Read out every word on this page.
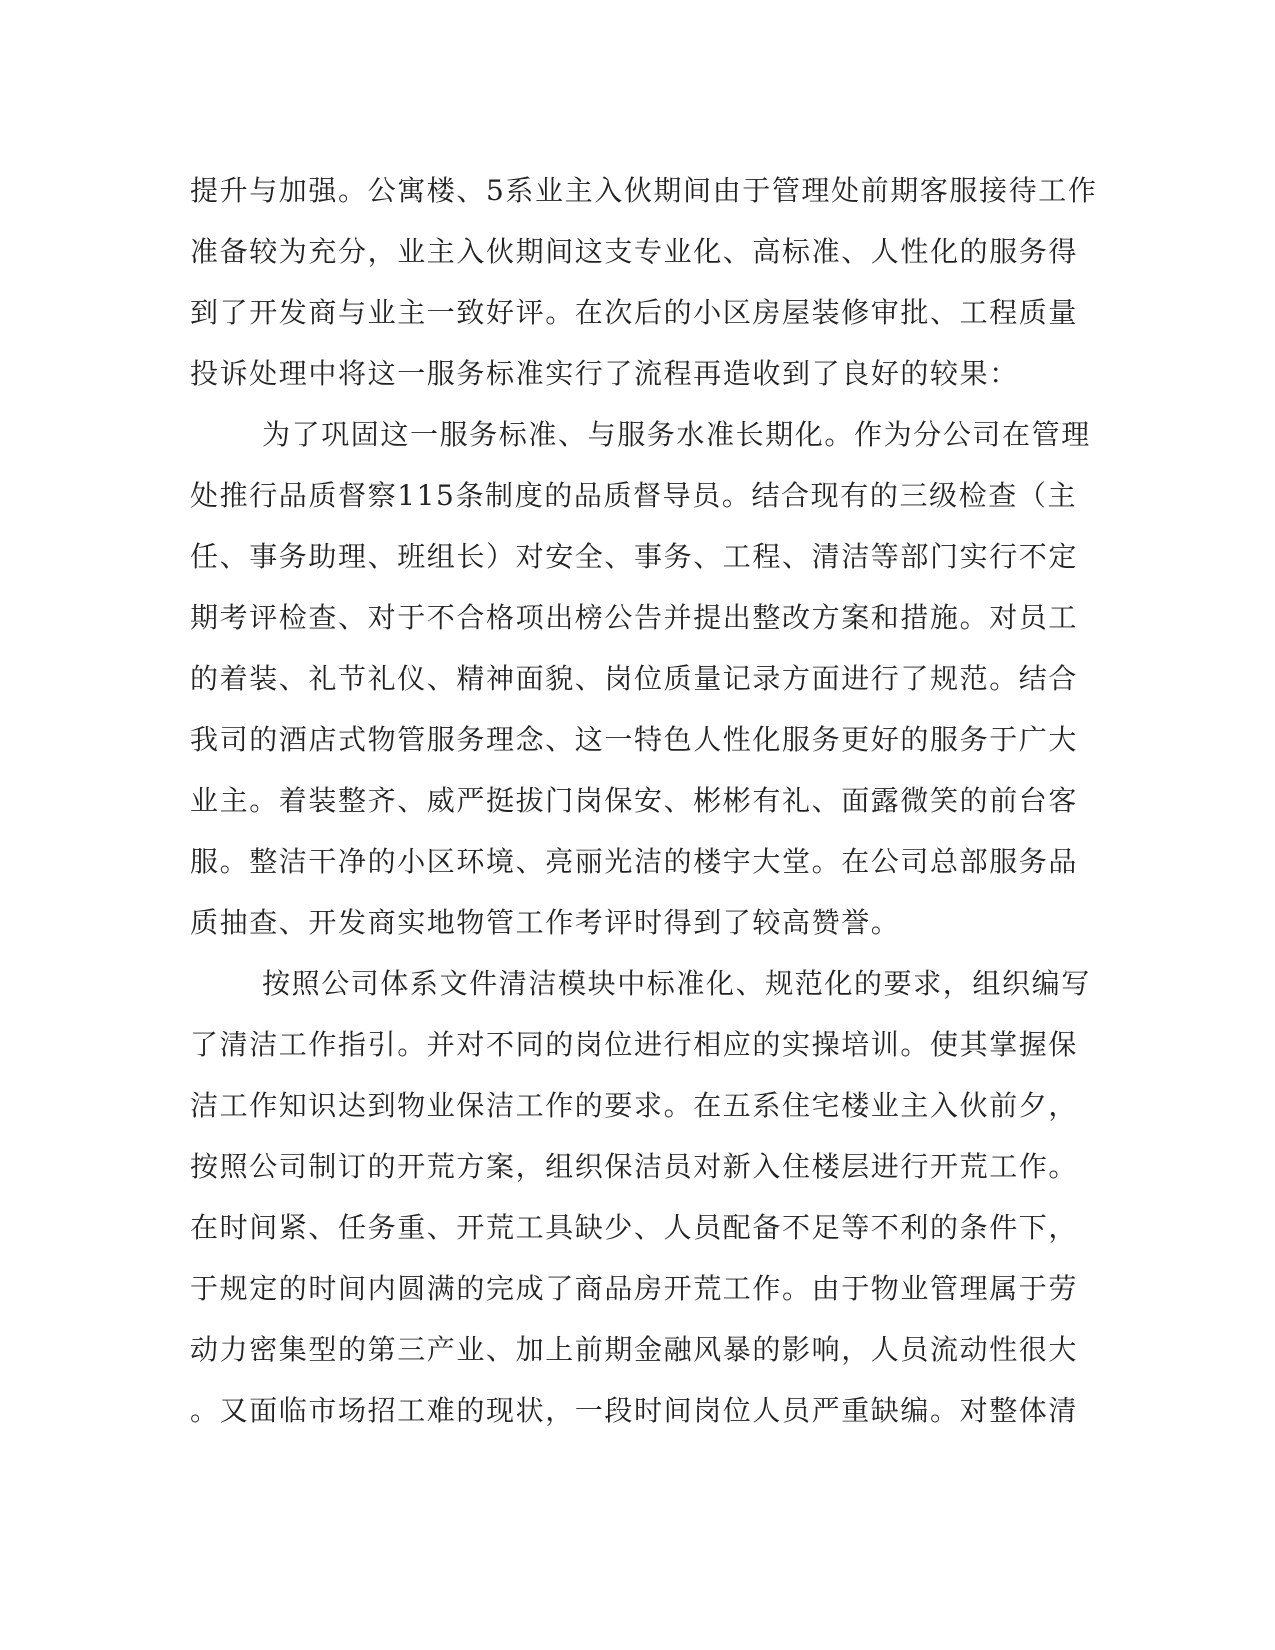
提升与加强。公寓楼、5系业主入伙期间由于管理处前期客服接待工作
准备较为充分，业主入伙期间这支专业化、高标准、人性化的服务得
到了开发商与业主一致好评。在次后的小区房屋装修审批、工程质量
投诉处理中将这一服务标准实行了流程再造收到了良好的较果：
为了巩固这一服务标准、与服务水准长期化。作为分公司在管理
处推行品质督察115条制度的品质督导员。结合现有的三级检查（主
任、事务助理、班组长）对安全、事务、工程、清洁等部门实行不定
期考评检查、对于不合格项出榜公告并提出整改方案和措施。对员工
的着装、礼节礼仪、精神面貌、岗位质量记录方面进行了规范。结合
我司的酒店式物管服务理念、这一特色人性化服务更好的服务于广大
业主。着装整齐、威严挺拔门岗保安、彬彬有礼、面露微笑的前台客
服。整洁干净的小区环境、亮丽光洁的楼宇大堂。在公司总部服务品
质抽查、开发商实地物管工作考评时得到了较高赞誉。
按照公司体系文件清洁模块中标准化、规范化的要求，组织编写
了清洁工作指引。并对不同的岗位进行相应的实操培训。使其掌握保
洁工作知识达到物业保洁工作的要求。在五系住宅楼业主入伙前夕，
按照公司制订的开荒方案，组织保洁员对新入住楼层进行开荒工作。
在时间紧、任务重、开荒工具缺少、人员配备不足等不利的条件下，
于规定的时间内圆满的完成了商品房开荒工作。由于物业管理属于劳
动力密集型的第三产业、加上前期金融风暴的影响，人员流动性很大
。又面临市场招工难的现状，一段时间岗位人员严重缺编。对整体清
